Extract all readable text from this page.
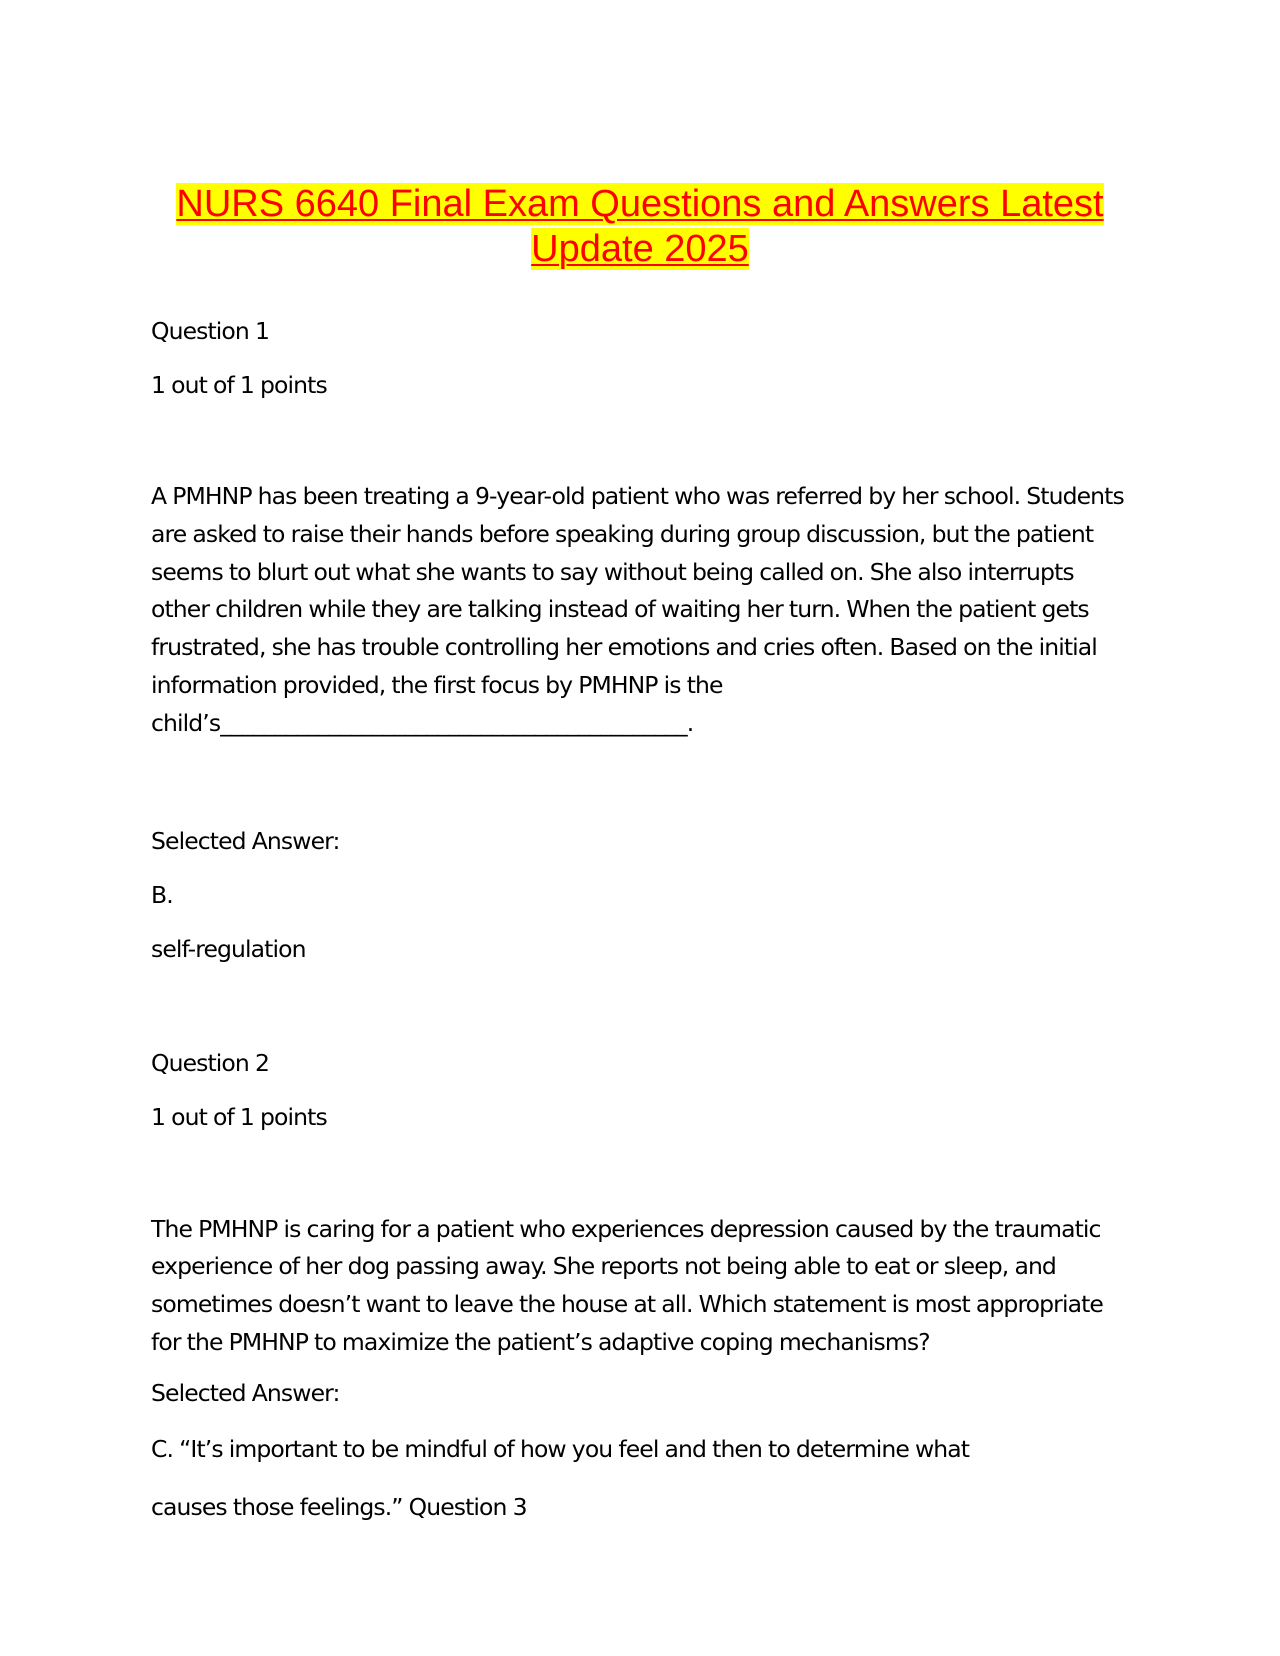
NURS 6640 Final Exam Questions and Answers Latest
Update 2025

Question 1

1 out of 1 points

A PMHNP has been treating a 9-year-old patient who was referred by her school. Students are asked to raise their hands before speaking during group discussion, but the patient seems to blurt out what she wants to say without being called on. She also interrupts other children while they are talking instead of waiting her turn. When the patient gets frustrated, she has trouble controlling her emotions and cries often. Based on the initial information provided, the first focus by PMHNP is the child’s___________________________________________.

Selected Answer:

B.

self-regulation

Question 2

1 out of 1 points

The PMHNP is caring for a patient who experiences depression caused by the traumatic experience of her dog passing away. She reports not being able to eat or sleep, and sometimes doesn’t want to leave the house at all. Which statement is most appropriate for the PMHNP to maximize the patient’s adaptive coping mechanisms?

Selected Answer:

C. “It’s important to be mindful of how you feel and then to determine what

causes those feelings.” Question 3
